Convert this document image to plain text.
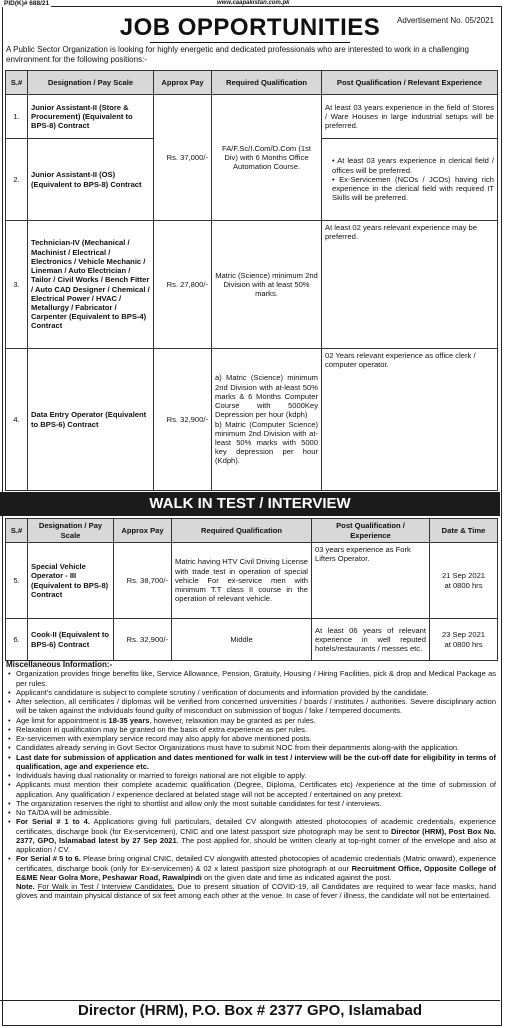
PID(K)# 688/21	www.caapakistan.com.pk
JOB OPPORTUNITIES	Advertisement No. 05/2021
A Public Sector Organization is looking for highly energetic and dedicated professionals who are interested to work in a challenging environment for the following positions:-
S.#	Designation / Pay Scale	Approx Pay	Required Qualification	Post Qualification / Relevant Experience
1.	Junior Assistant-II (Store & Procurement) (Equivalent to BPS-8) Contract	Rs. 37,000/-	FA/F.Sc/I.Com/D.Com (1st Div) with 6 Months Office Automation Course.	At least 03 years experience in the field of Stores / Ware Houses in large industrial setups will be preferred.
2.	Junior Assistant-II (OS) (Equivalent to BPS-8) Contract			• At least 03 years experience in clerical field / offices will be preferred.
• Ex-Servicemen (NCOs / JCOs) having rich experience in the clerical field with required IT Skills will be preferred.

3.	Technician-IV (Mechanical / Machinist / Electrical / Electronics / Vehicle Mechanic / Lineman / Auto Electrician / Tailor / Civil Works / Bench Fitter / Auto CAD Designer / Chemical / Electrical Power / HVAC / Metallurgy / Fabricator / Carpenter (Equivalent to BPS-4) Contract	Rs. 27,800/-	Matric (Science) minimum 2nd Division with at least 50% marks.	At least 02 years relevant experience may be preferred.
4.	Data Entry Operator (Equivalent to BPS-6) Contract	Rs. 32,900/-	a) Matric (Science) minimum 2nd Division with at-least 50% marks & 6 Months Computer Course with 5000Key Depression per hour (kdph)
b) Matric (Computer Science) minimum 2nd Division with at-least 50% marks with 5000 key depression per hour (Kdph).	02 Years relevant experience as office clerk / computer operator.
WALK IN TEST / INTERVIEW
S.#	Designation / Pay Scale	Approx Pay	Required Qualification	Post Qualification / Experience	Date & Time
5.	Special Vehicle Operator - III (Equivalent to BPS-8) Contract	Rs. 38,700/-	Matric having HTV Civil Driving License with trade test in operation of special vehicle For ex-service men with minimum T.T class II course in the operation of relevant vehicle.	03 years experience as Fork Lifters Operator.	21 Sep 2021
at 0800 hrs

6.	Cook-II (Equivalent to BPS-6) Contract	Rs. 32,900/-	Middle	At least 06 years of relevant experience in well reputed hotels/restaurants / messes etc.	23 Sep 2021
at 0800 hrs
Miscellaneous Information:-
• Organization provides fringe benefits like, Service Allowance, Pension, Gratuity, Housing / Hiring Facilities, pick & drop and Medical Package as per rules.
• Applicant's candidature is subject to complete scrutiny / verification of documents and information provided by the candidate.
• After selection, all certificates / diplomas will be verified from concerned universities / boards / institutes / authorities. Severe disciplinary action will be taken against the individuals found guilty of misconduct on submission of bogus / fake / tempered documents.
• Age limit for appointment is 18-35 years, however, relaxation may be granted as per rules.
• Relaxation in qualification may be granted on the basis of extra experience as per rules.
• Ex-servicemen with exemplary service record may also apply for above mentioned posts.
• Candidates already serving in Govt Sector Organizations must have to submit NOC from their departments along-with the application.
• Last date for submission of application and dates mentioned for walk in test / interview will be the cut-off date for eligibility in terms of qualification, age and experience etc.
• Individuals having dual nationality or married to foreign national are not eligible to apply.
• Applicants must mention their complete academic qualification (Degree, Diploma, Certificates etc) /experience at the time of submission of application. Any qualification / experience declared at belated stage will not be accepted / entertained on any pretext.
• The organization reserves the right to shortlist and allow only the most suitable candidates for test / interviews.
• No TA/DA will be admissible.
• For Serial # 1 to 4. Applications giving full particulars, detailed CV alongwith attested photocopies of academic credentials, experience certificates, discharge book (for Ex-servicemen), CNIC and one latest passport size photograph may be sent to Director (HRM), Post Box No. 2377, GPO, Islamabad latest by 27 Sep 2021. The post applied for, should be written clearly at top-right corner of the envelope and also at application / CV.
• For Serial # 5 to 6. Please bring original CNIC, detailed CV alongwith attested photocopies of academic credentials (Matric onward), experience certificates, discharge book (only for Ex-servicemen) & 02 x latest passport size photograph at our Recruitment Office, Opposite College of E&ME Near Golra More, Peshawar Road, Rawalpindi on the given date and time as indicated against the post.
Note. For Walk in Test / Interview Candidates. Due to present situation of COVID-19, all Candidates are required to wear face masks, hand gloves and maintain physical distance of six feet among each other at the venue. In case of fever / illness, the candidate will not be entertained.
Director (HRM), P.O. Box # 2377 GPO, Islamabad
